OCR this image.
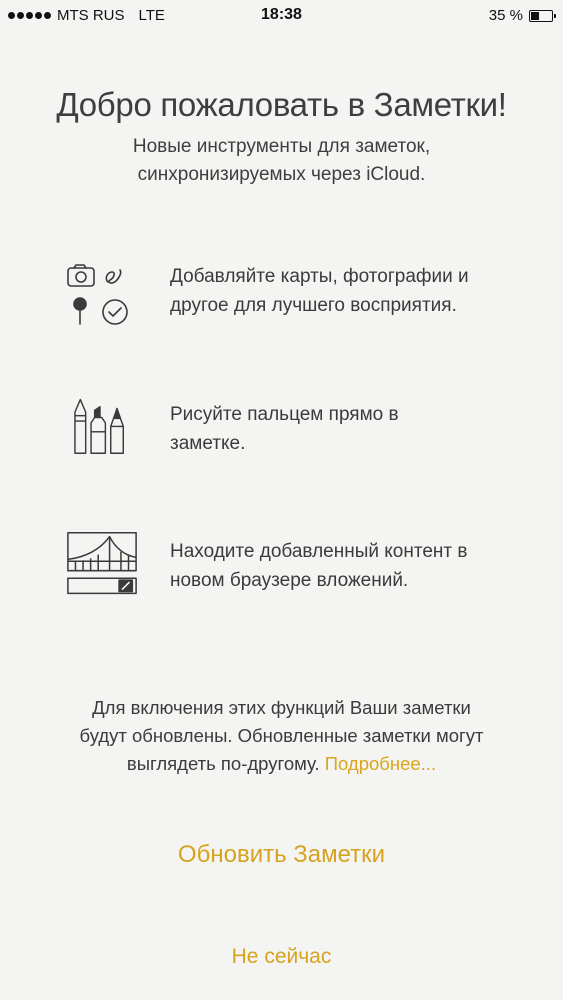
MTS RUS LTE	18:38	35 %
Добро пожаловать в Заметки!
Новые инструменты для заметок,
синхронизируемых через iCloud.
Добавляйте карты, фотографии и
другое для лучшего восприятия.
Рисуйте пальцем прямо в
заметке.
Находите добавленный контент в
новом браузере вложений.
Для включения этих функций Ваши заметки
будут обновлены. Обновленные заметки могут
выглядеть по-другому. Подробнее...
Обновить Заметки
Не сейчас
